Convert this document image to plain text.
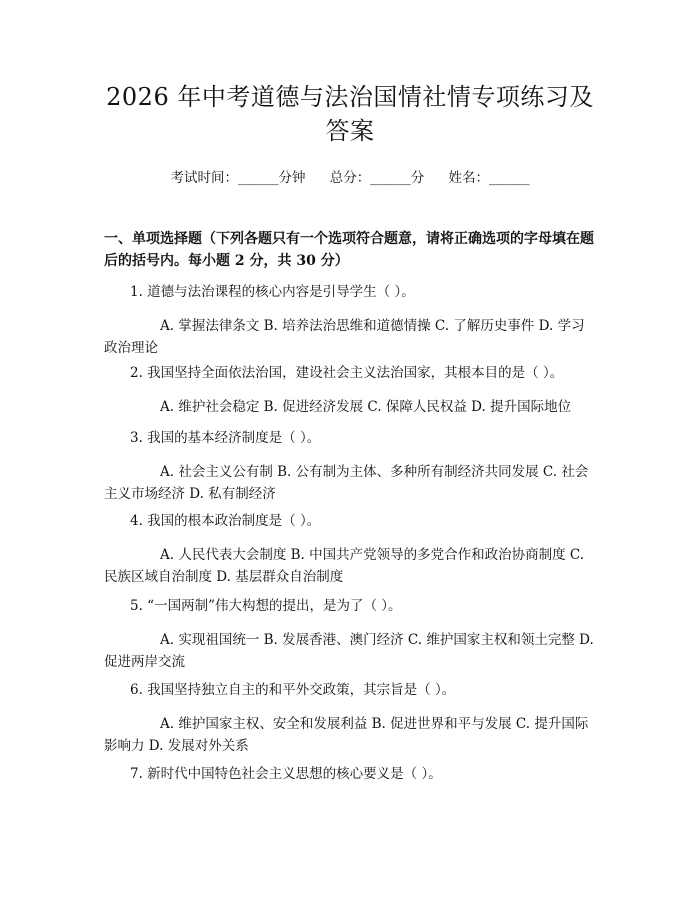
2026 年中考道德与法治国情社情专项练习及
答案
考试时间：______分钟 总分：______分 姓名：______
一、单项选择题（下列各题只有一个选项符合题意，请将正确选项的字母填在题后的括号内。每小题 2 分，共 30 分）
1. 道德与法治课程的核心内容是引导学生（ ）。
A. 掌握法律条文 B. 培养法治思维和道德情操 C. 了解历史事件 D. 学习政治理论
2. 我国坚持全面依法治国，建设社会主义法治国家，其根本目的是（ ）。
A. 维护社会稳定 B. 促进经济发展 C. 保障人民权益 D. 提升国际地位
3. 我国的基本经济制度是（ ）。
A. 社会主义公有制 B. 公有制为主体、多种所有制经济共同发展 C. 社会主义市场经济 D. 私有制经济
4. 我国的根本政治制度是（ ）。
A. 人民代表大会制度 B. 中国共产党领导的多党合作和政治协商制度 C. 民族区域自治制度 D. 基层群众自治制度
5. “一国两制”伟大构想的提出，是为了（ ）。
A. 实现祖国统一 B. 发展香港、澳门经济 C. 维护国家主权和领土完整 D. 促进两岸交流
6. 我国坚持独立自主的和平外交政策，其宗旨是（ ）。
A. 维护国家主权、安全和发展利益 B. 促进世界和平与发展 C. 提升国际影响力 D. 发展对外关系
7. 新时代中国特色社会主义思想的核心要义是（ ）。
